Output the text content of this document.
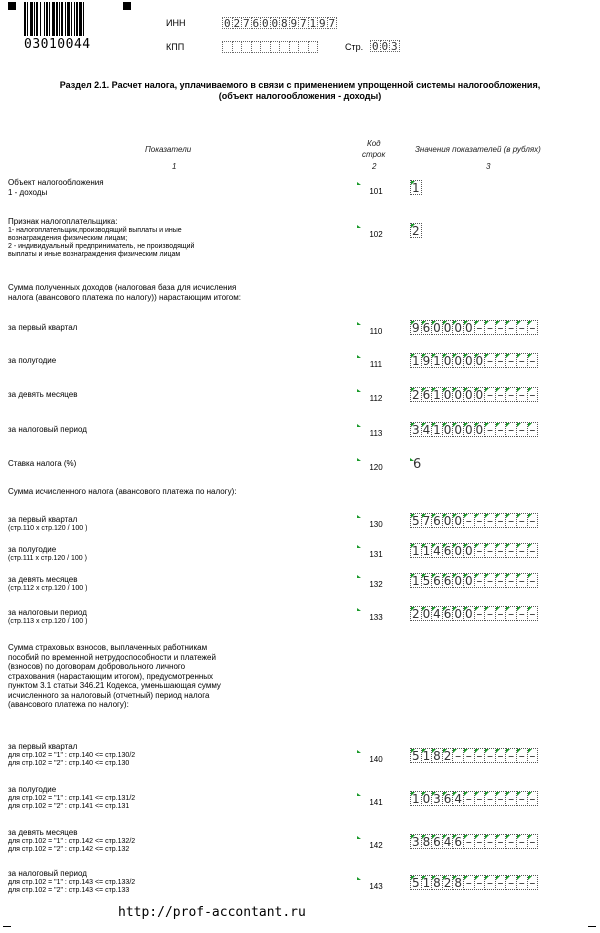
03010044
ИНН	0 2 7 6 0 0 8 9 7 1 9 7
КПП	Стр. 0 0 3
Раздел 2.1. Расчет налога, уплачиваемого в связи с применением упрощенной системы налогообложения,
(объект налогообложения - доходы)
Показатели
Код
строк
Значения показателей (в рублях)
1	2	3
Объект налогообложения
1 - доходы	101	1
Признак налогоплательщика:
1- налогоплательщик,производящий выплаты и иные
вознаграждения физическим лицам;
2 - индивидуальный предприниматель, не производящий
выплаты и иные вознаграждения физическим лицам
102	2
Сумма полученных доходов (налоговая база для исчисления
налога (авансового платежа по налогу)) нарастающим итогом:
за первый квартал	110	9 6 0 0 0 0 – – – – – –
за полугодие	111	1 9 1 0 0 0 0 – – – – –
за девять месяцев	112	2 6 1 0 0 0 0 – – – – –
за налоговый период	113	3 4 1 0 0 0 0 – – – – –
Ставка налога (%)	120	6
Сумма исчисленного налога (авансового платежа по налогу):
за первый квартал
(стр.110 х стр.120 / 100 )	130	5 7 6 0 0 – – – – – – –
за полугодие
(стр.111 х стр.120 / 100 )	131	1 1 4 6 0 0 – – – – – –
за девять месяцев
(стр.112 х стр.120 / 100 )	132	1 5 6 6 0 0 – – – – – –
за налоговыи период
(стр.113 х стр.120 / 100 )	133	2 0 4 6 0 0 – – – – – –
Сумма страховых взносов, выплаченных работникам
пособий по временной нетрудоспособности и платежей
(взносов) по договорам добровольного личного
страхования (нарастающим итогом), предусмотренных
пунктом 3.1 статьи 346.21 Кодекса, уменьшающая сумму
исчисленного за налоговый (отчетный) период налога
(авансового платежа по налогу):
за первый квартал
для стр.102 = "1" : стр.140 <= стр.130/2
для стр.102 = "2" : стр.140 <= стр.130	140	5 1 8 2 – – – – – – – –
за полугодие
для стр.102 = "1" : стр.141 <= стр.131/2
для стр.102 = "2" : стр.141 <= стр.131	141	1 0 3 6 4 – – – – – – –
за девять месяцев
для стр.102 = "1" : стр.142 <= стр.132/2
для стр.102 = "2" : стр.142 <= стр.132	142	3 8 6 4 6 – – – – – – –
за налоговый период
для стр.102 = "1" : стр.143 <= стр.133/2
для стр.102 = "2" : стр.143 <= стр.133	143	5 1 8 2 8 – – – – – – –
http://prof-accontant.ru
